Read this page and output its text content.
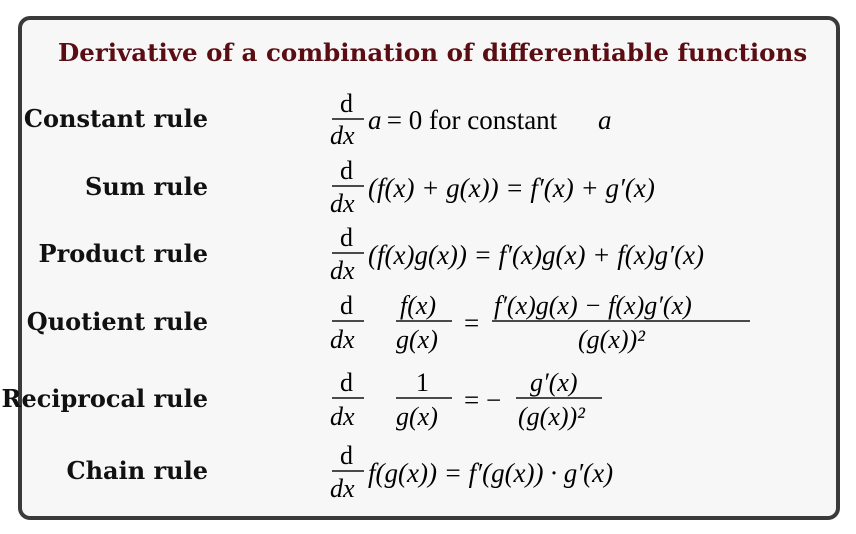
Derivative of a combination of differentiable functions
Constant rule
d
dx
a
= 0 for constant a
Sum rule
d
dx
(f(x) + g(x)) = f′(x) + g′(x)
Product rule
d
dx
(f(x)g(x)) = f′(x)g(x) + f(x)g′(x)
Quotient rule
d
dx
f(x)
g(x)
=
f′(x)g(x) − f(x)g′(x)
(g(x))²
Reciprocal rule
d
dx
1
g(x)
= −
g′(x)
(g(x))²
Chain rule
d
dx
f(g(x)) = f′(g(x)) · g′(x)
